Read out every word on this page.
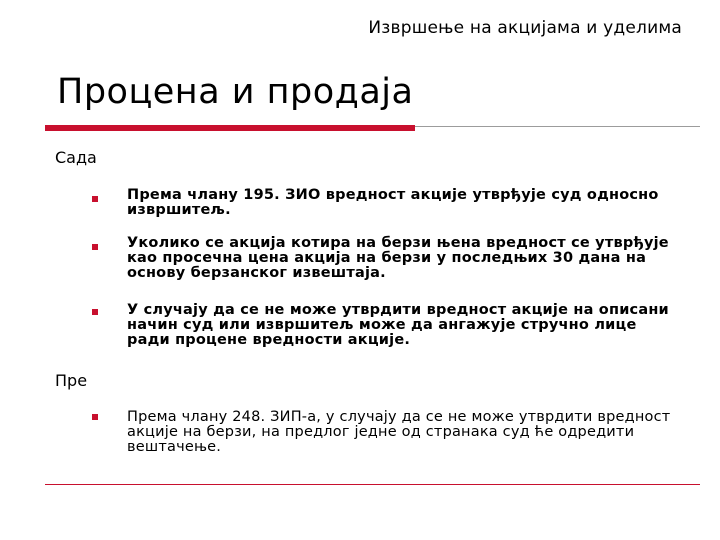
Извршење на акцијама и уделима
Процена и продаја
Сада
Према члану 195. ЗИО вредност акције утврђује суд односно извршитељ.
Уколико се акција котира на берзи њена вредност се утврђује као просечна цена акција на берзи у последњих 30 дана на основу берзанског извештаја.
У случају да се не може утврдити вредност акције на описани начин суд или извршитељ може да ангажује стручно лице ради процене вредности акције.
Пре
Према члану 248. ЗИП-а, у случају да се не може утврдити вредност акције на берзи, на предлог једне од странака суд ће одредити вештачење.
